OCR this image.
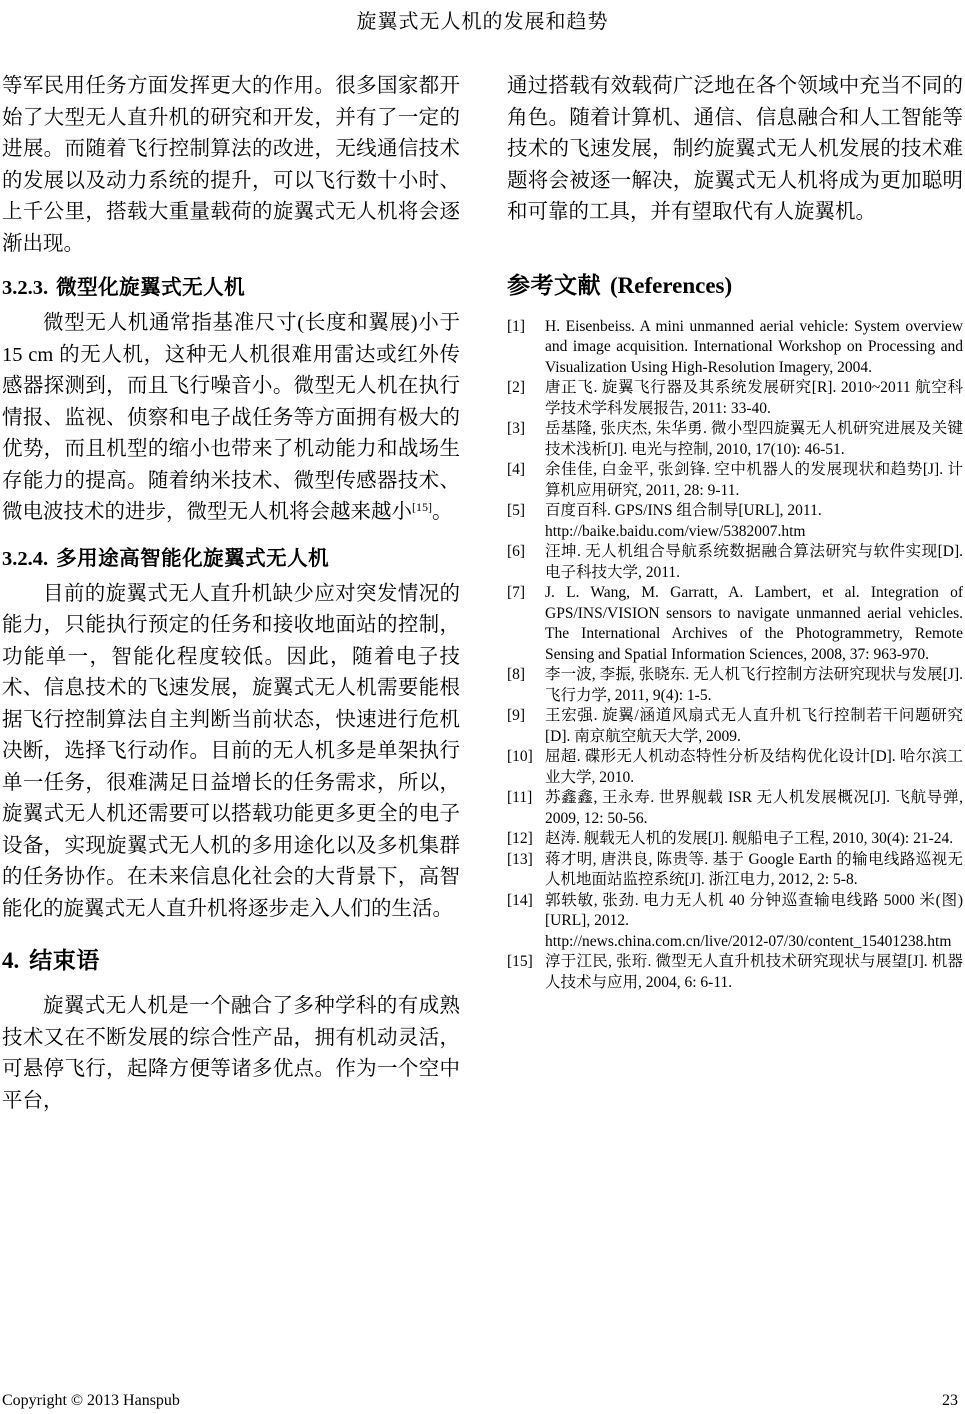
旋翼式无人机的发展和趋势

等军民用任务方面发挥更大的作用。很多国家都开始了大型无人直升机的研究和开发，并有了一定的进展。而随着飞行控制算法的改进，无线通信技术的发展以及动力系统的提升，可以飞行数十小时、上千公里，搭载大重量载荷的旋翼式无人机将会逐渐出现。

3.2.3. 微型化旋翼式无人机

微型无人机通常指基准尺寸(长度和翼展)小于 15 cm 的无人机，这种无人机很难用雷达或红外传感器探测到，而且飞行噪音小。微型无人机在执行情报、监视、侦察和电子战任务等方面拥有极大的优势，而且机型的缩小也带来了机动能力和战场生存能力的提高。随着纳米技术、微型传感器技术、微电波技术的进步，微型无人机将会越来越小[15]。

3.2.4. 多用途高智能化旋翼式无人机

目前的旋翼式无人直升机缺少应对突发情况的能力，只能执行预定的任务和接收地面站的控制，功能单一，智能化程度较低。因此，随着电子技术、信息技术的飞速发展，旋翼式无人机需要能根据飞行控制算法自主判断当前状态，快速进行危机决断，选择飞行动作。目前的无人机多是单架执行单一任务，很难满足日益增长的任务需求，所以，旋翼式无人机还需要可以搭载功能更多更全的电子设备，实现旋翼式无人机的多用途化以及多机集群的任务协作。在未来信息化社会的大背景下，高智能化的旋翼式无人直升机将逐步走入人们的生活。

4. 结束语

旋翼式无人机是一个融合了多种学科的有成熟技术又在不断发展的综合性产品，拥有机动灵活，可悬停飞行，起降方便等诸多优点。作为一个空中平台，

通过搭载有效载荷广泛地在各个领域中充当不同的角色。随着计算机、通信、信息融合和人工智能等技术的飞速发展，制约旋翼式无人机发展的技术难题将会被逐一解决，旋翼式无人机将成为更加聪明和可靠的工具，并有望取代有人旋翼机。

参考文献 (References)
[1] H. Eisenbeiss. A mini unmanned aerial vehicle: System overview and image acquisition. International Workshop on Processing and Visualization Using High-Resolution Imagery, 2004.
[2] 唐正飞. 旋翼飞行器及其系统发展研究[R]. 2010~2011 航空科学技术学科发展报告, 2011: 33-40.
[3] 岳基隆, 张庆杰, 朱华勇. 微小型四旋翼无人机研究进展及关键技术浅析[J]. 电光与控制, 2010, 17(10): 46-51.
[4] 余佳佳, 白金平, 张剑锋. 空中机器人的发展现状和趋势[J]. 计算机应用研究, 2011, 28: 9-11.
[5] 百度百科. GPS/INS 组合制导[URL], 2011.
http://baike.baidu.com/view/5382007.htm
[6] 汪坤. 无人机组合导航系统数据融合算法研究与软件实现[D]. 电子科技大学, 2011.
[7] J. L. Wang, M. Garratt, A. Lambert, et al. Integration of GPS/INS/VISION sensors to navigate unmanned aerial vehicles. The International Archives of the Photogrammetry, Remote Sensing and Spatial Information Sciences, 2008, 37: 963-970.
[8] 李一波, 李振, 张晓东. 无人机飞行控制方法研究现状与发展[J]. 飞行力学, 2011, 9(4): 1-5.
[9] 王宏强. 旋翼/涵道风扇式无人直升机飞行控制若干问题研究[D]. 南京航空航天大学, 2009.
[10] 屈超. 碟形无人机动态特性分析及结构优化设计[D]. 哈尔滨工业大学, 2010.
[11] 苏鑫鑫, 王永寿. 世界舰载 ISR 无人机发展概况[J]. 飞航导弹, 2009, 12: 50-56.
[12] 赵涛. 舰载无人机的发展[J]. 舰船电子工程, 2010, 30(4): 21-24.
[13] 蒋才明, 唐洪良, 陈贵等. 基于 Google Earth 的输电线路巡视无人机地面站监控系统[J]. 浙江电力, 2012, 2: 5-8.
[14] 郭轶敏, 张劲. 电力无人机 40 分钟巡查输电线路 5000 米(图)[URL], 2012.
http://news.china.com.cn/live/2012-07/30/content_15401238.htm
[15] 淳于江民, 张珩. 微型无人直升机技术研究现状与展望[J]. 机器人技术与应用, 2004, 6: 6-11.
Copyright © 2013 Hanspub	23
